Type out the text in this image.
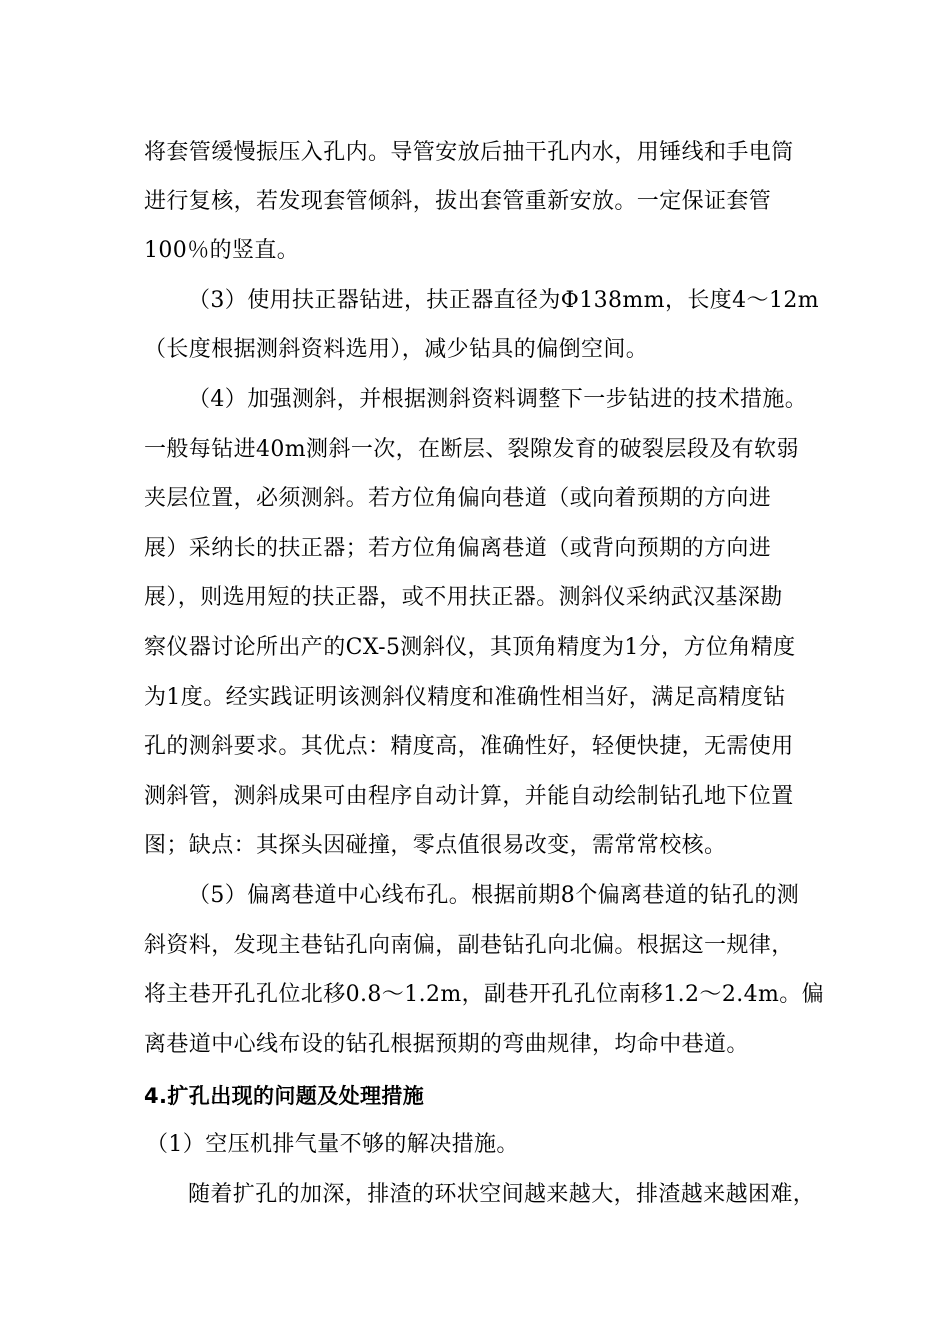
将套管缓慢振压入孔内。导管安放后抽干孔内水，用锤线和手电筒
进行复核，若发现套管倾斜，拔出套管重新安放。一定保证套管
100％的竖直。
（3）使用扶正器钻进，扶正器直径为Φ138mm，长度4～12m
（长度根据测斜资料选用），减少钻具的偏倒空间。
（4）加强测斜，并根据测斜资料调整下一步钻进的技术措施。
一般每钻进40m测斜一次，在断层、裂隙发育的破裂层段及有软弱
夹层位置，必须测斜。若方位角偏向巷道（或向着预期的方向进
展）采纳长的扶正器；若方位角偏离巷道（或背向预期的方向进
展），则选用短的扶正器，或不用扶正器。测斜仪采纳武汉基深勘
察仪器讨论所出产的CX-5测斜仪，其顶角精度为1分，方位角精度
为1度。经实践证明该测斜仪精度和准确性相当好，满足高精度钻
孔的测斜要求。其优点：精度高，准确性好，轻便快捷，无需使用
测斜管，测斜成果可由程序自动计算，并能自动绘制钻孔地下位置
图；缺点：其探头因碰撞，零点值很易改变，需常常校核。
（5）偏离巷道中心线布孔。根据前期8个偏离巷道的钻孔的测
斜资料，发现主巷钻孔向南偏，副巷钻孔向北偏。根据这一规律，
将主巷开孔孔位北移0.8～1.2m，副巷开孔孔位南移1.2～2.4m。偏
离巷道中心线布设的钻孔根据预期的弯曲规律，均命中巷道。
4.扩孔出现的问题及处理措施
（1）空压机排气量不够的解决措施。
随着扩孔的加深，排渣的环状空间越来越大，排渣越来越困难，
